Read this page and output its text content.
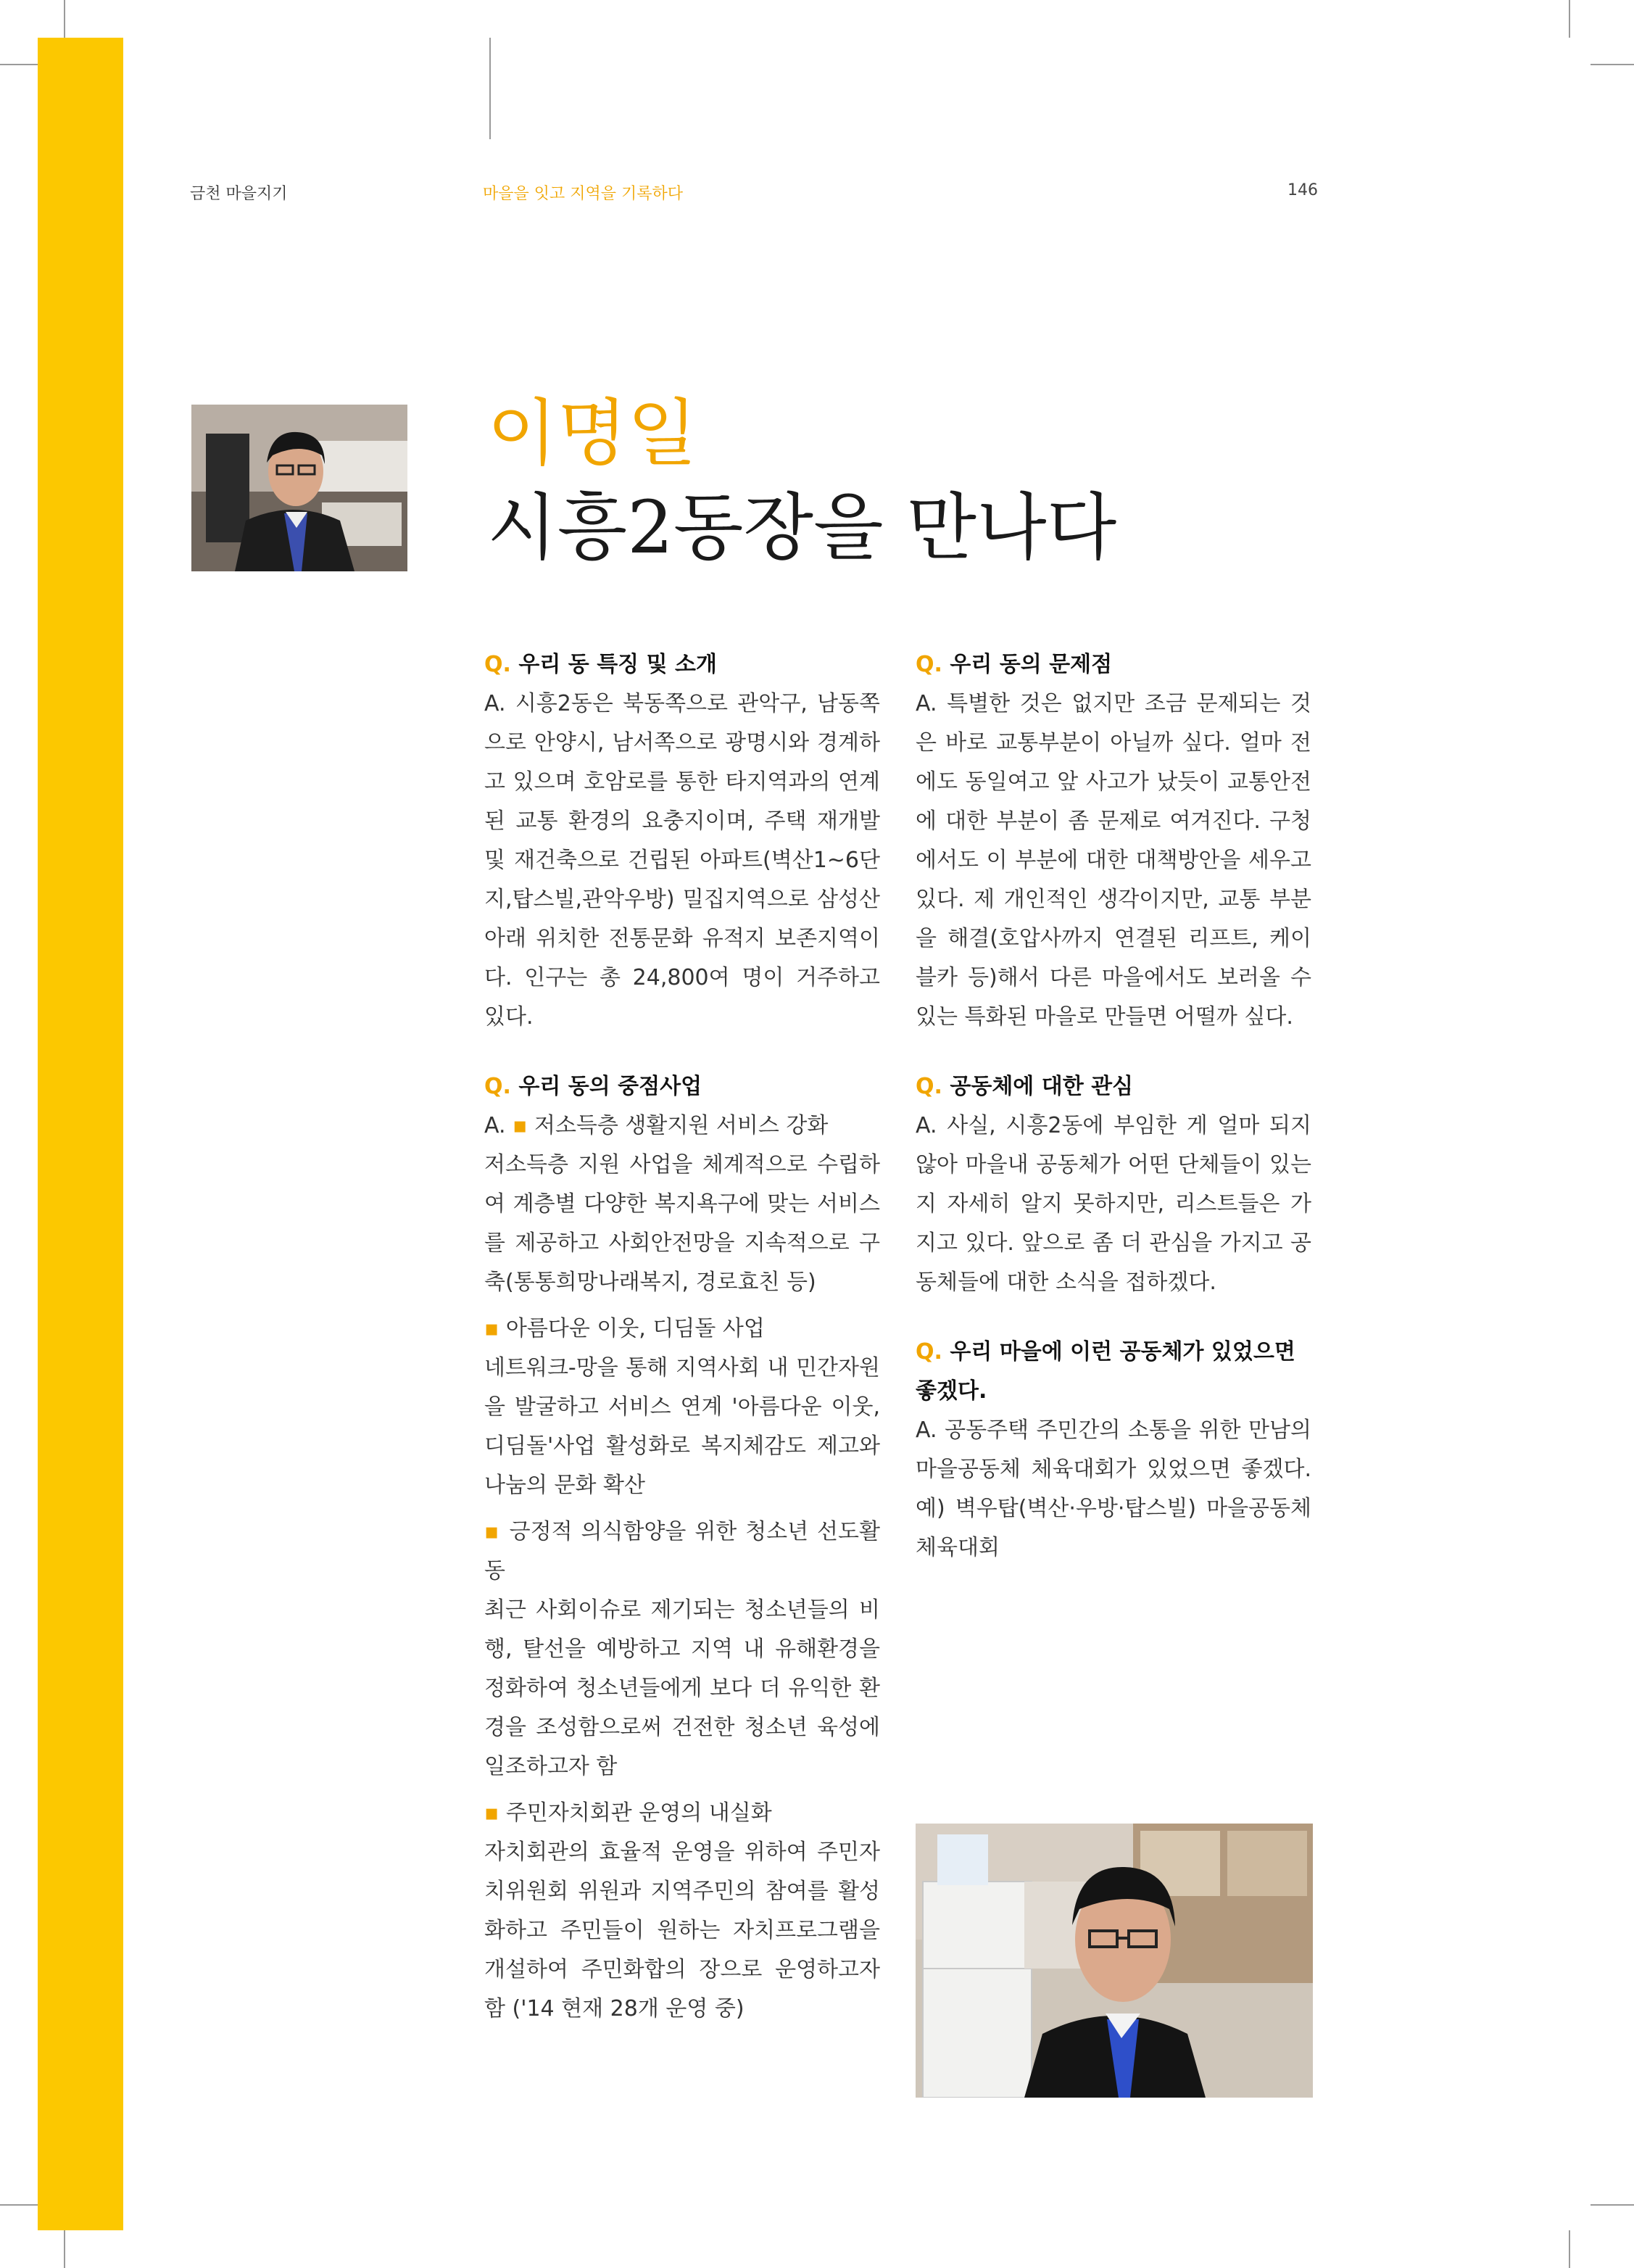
금천 마을지기	마을을 잇고 지역을 기록하다	146
이명일
시흥2동장을 만나다

Q. 우리 동 특징 및 소개

A. 시흥2동은 북동쪽으로 관악구, 남동쪽으로 안양시, 남서쪽으로 광명시와 경계하고 있으며 호암로를 통한 타지역과의 연계된 교통 환경의 요충지이며, 주택 재개발 및 재건축으로 건립된 아파트(벽산1~6단지,탑스빌,관악우방) 밀집지역으로 삼성산 아래 위치한 전통문화 유적지 보존지역이다. 인구는 총 24,800여 명이 거주하고 있다.

Q. 우리 동의 중점사업

A. ▪ 저소득층 생활지원 서비스 강화

저소득층 지원 사업을 체계적으로 수립하여 계층별 다양한 복지욕구에 맞는 서비스를 제공하고 사회안전망을 지속적으로 구축(통통희망나래복지, 경로효친 등)

▪ 아름다운 이웃, 디딤돌 사업

네트워크-망을 통해 지역사회 내 민간자원을 발굴하고 서비스 연계 '아름다운 이웃, 디딤돌'사업 활성화로 복지체감도 제고와 나눔의 문화 확산

▪ 긍정적 의식함양을 위한 청소년 선도활동

최근 사회이슈로 제기되는 청소년들의 비행, 탈선을 예방하고 지역 내 유해환경을 정화하여 청소년들에게 보다 더 유익한 환경을 조성함으로써 건전한 청소년 육성에 일조하고자 함

▪ 주민자치회관 운영의 내실화

자치회관의 효율적 운영을 위하여 주민자치위원회 위원과 지역주민의 참여를 활성화하고 주민들이 원하는 자치프로그램을 개설하여 주민화합의 장으로 운영하고자 함 ('14 현재 28개 운영 중)

Q. 우리 동의 문제점

A. 특별한 것은 없지만 조금 문제되는 것은 바로 교통부분이 아닐까 싶다. 얼마 전에도 동일여고 앞 사고가 났듯이 교통안전에 대한 부분이 좀 문제로 여겨진다. 구청에서도 이 부분에 대한 대책방안을 세우고 있다. 제 개인적인 생각이지만, 교통 부분을 해결(호압사까지 연결된 리프트, 케이블카 등)해서 다른 마을에서도 보러올 수 있는 특화된 마을로 만들면 어떨까 싶다.

Q. 공동체에 대한 관심

A. 사실, 시흥2동에 부임한 게 얼마 되지 않아 마을내 공동체가 어떤 단체들이 있는지 자세히 알지 못하지만, 리스트들은 가지고 있다. 앞으로 좀 더 관심을 가지고 공동체들에 대한 소식을 접하겠다.

Q. 우리 마을에 이런 공동체가 있었으면 좋겠다.

A. 공동주택 주민간의 소통을 위한 만남의 마을공동체 체육대회가 있었으면 좋겠다. 예) 벽우탑(벽산·우방·탑스빌) 마을공동체 체육대회
